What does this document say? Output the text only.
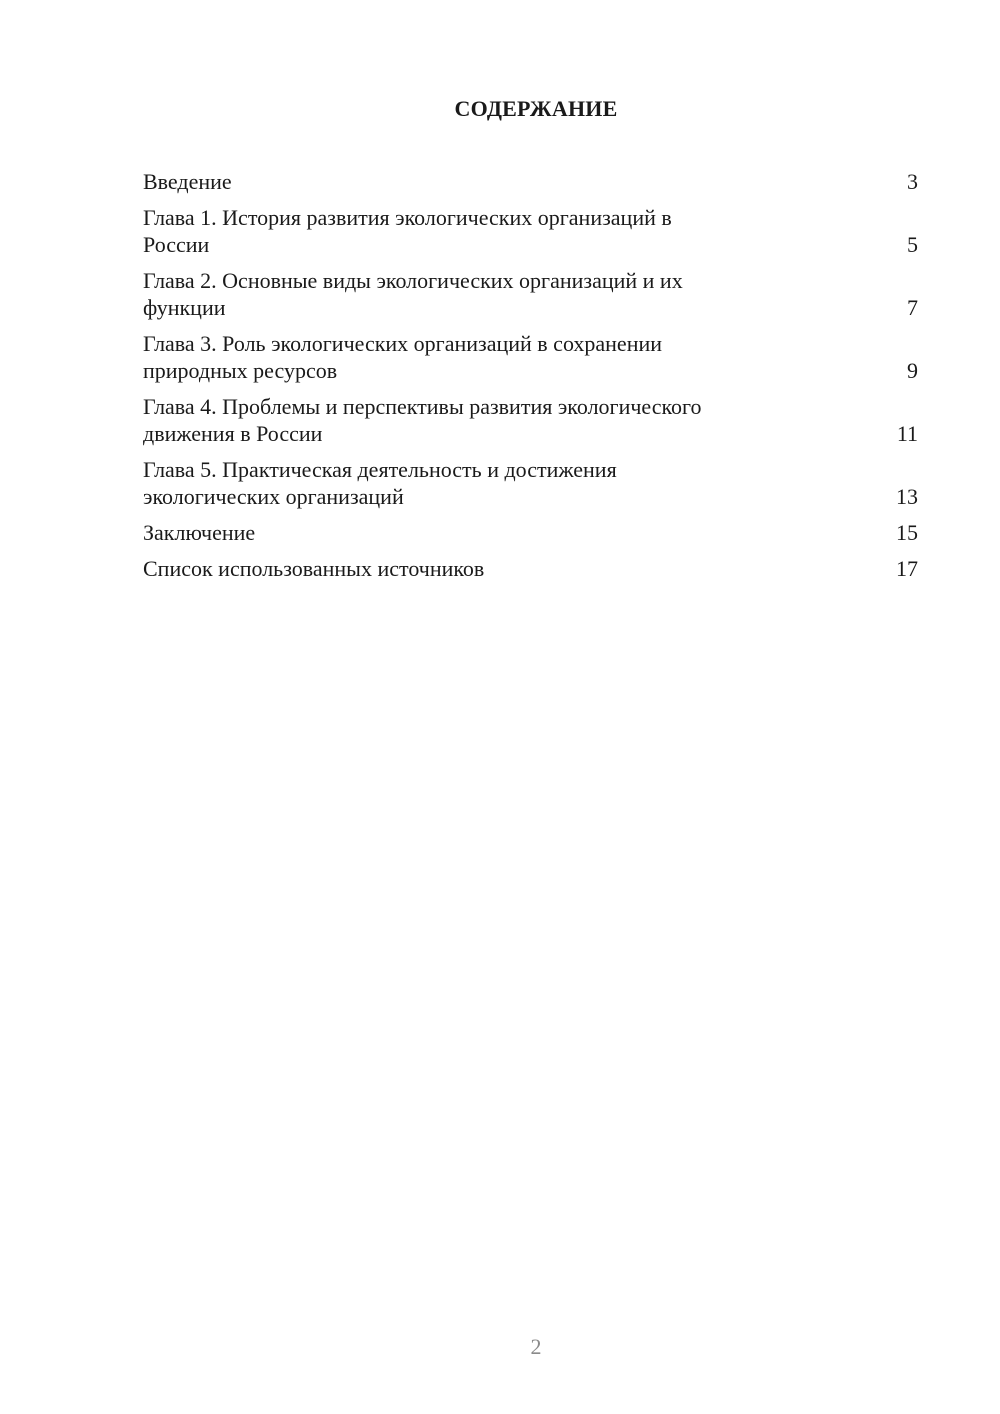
СОДЕРЖАНИЕ
Введение	3
Глава 1. История развития экологических организаций в
России	5
Глава 2. Основные виды экологических организаций и их
функции	7
Глава 3. Роль экологических организаций в сохранении
природных ресурсов	9
Глава 4. Проблемы и перспективы развития экологического
движения в России	11
Глава 5. Практическая деятельность и достижения
экологических организаций	13
Заключение	15
Список использованных источников	17
2
